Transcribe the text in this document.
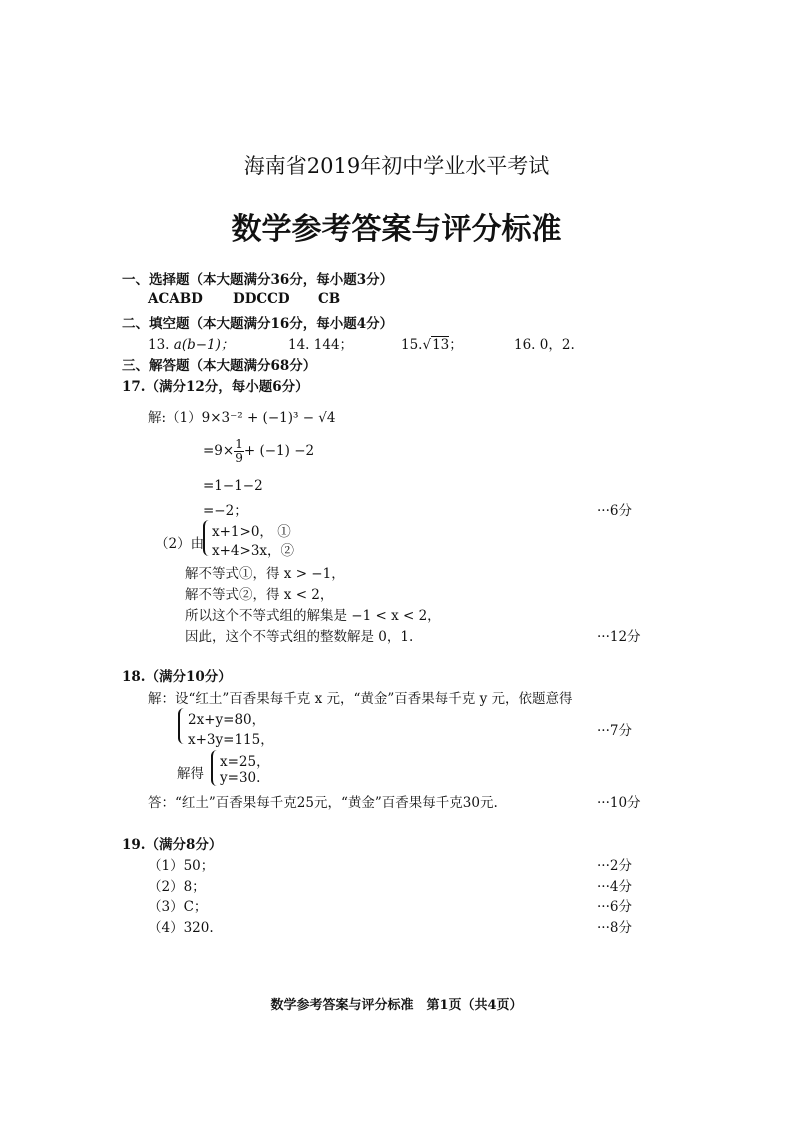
海南省2019年初中学业水平考试
数学参考答案与评分标准
一、选择题（本大题满分36分，每小题3分）
ACABD DDCCD CB
二、填空题（本大题满分16分，每小题4分）
13. a(b−1)；	14. 144；	15.√13；	16. 0，2.
三、解答题（本大题满分68分）
17.（满分12分，每小题6分）
解:（1）9×3⁻² + (−1)³ − √4
$=9\times \frac{1}{9} + (-1) -2$
=1−1−2
=−2；	···6分
（2）由
x+1>0， ①
x+4>3x，②
解不等式①，得 x > −1，
解不等式②，得 x < 2，
所以这个不等式组的解集是 −1 < x < 2，
因此，这个不等式组的整数解是 0，1.	···12分
18.（满分10分）
解：设“红土”百香果每千克 x 元，“黄金”百香果每千克 y 元，依题意得
2x+y=80，
x+3y=115，
···7分
解得
x=25，
y=30.
答：“红土”百香果每千克25元，“黄金”百香果每千克30元.	···10分
19.（满分8分）
（1）50；	···2分
（2）8；	···4分
（3）C；	···6分
（4）320.	···8分
数学参考答案与评分标准　第1页（共4页）
